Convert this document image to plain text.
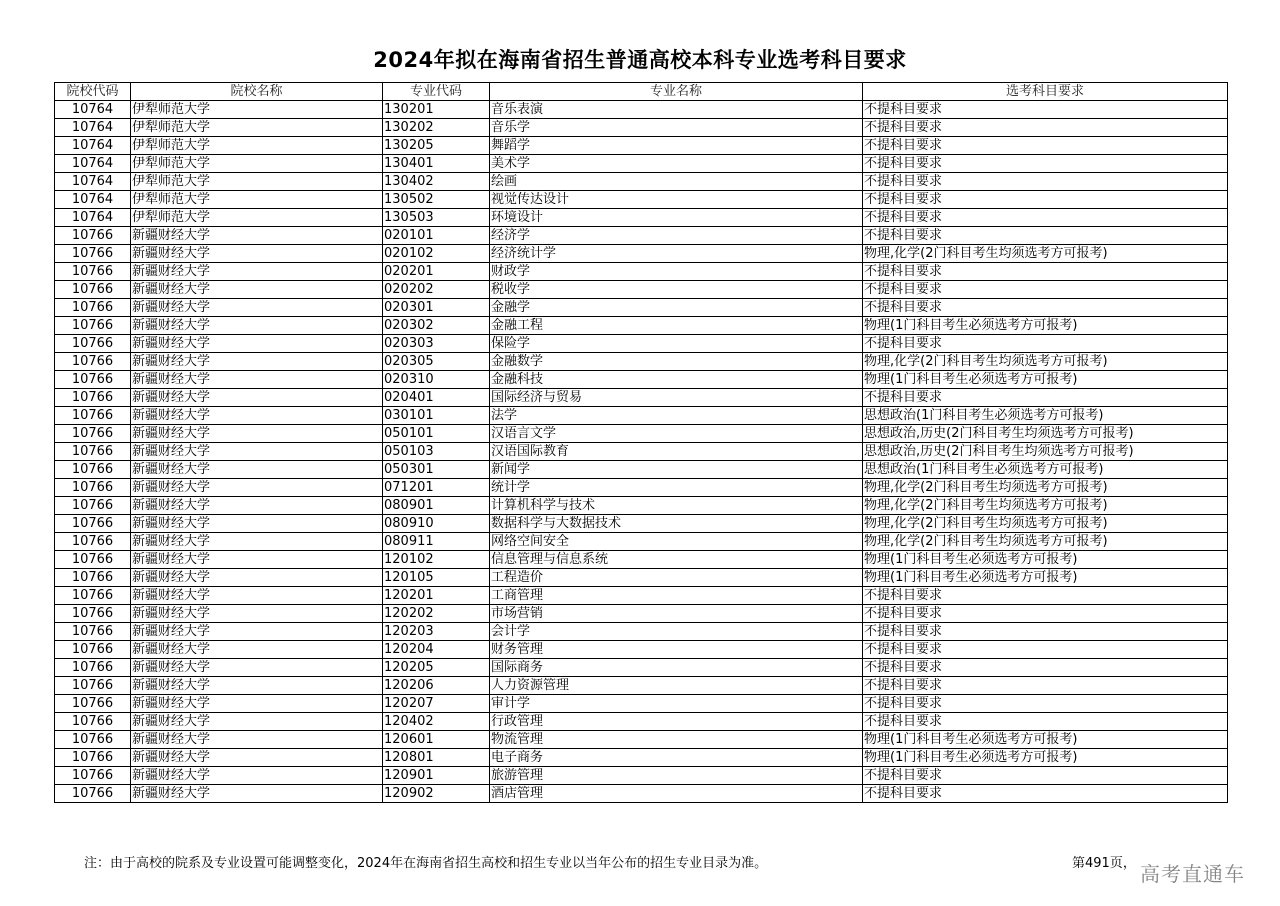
2024年拟在海南省招生普通高校本科专业选考科目要求
院校代码	院校名称	专业代码	专业名称	选考科目要求
10764	伊犁师范大学	130201	音乐表演	不提科目要求
10764	伊犁师范大学	130202	音乐学	不提科目要求
10764	伊犁师范大学	130205	舞蹈学	不提科目要求
10764	伊犁师范大学	130401	美术学	不提科目要求
10764	伊犁师范大学	130402	绘画	不提科目要求
10764	伊犁师范大学	130502	视觉传达设计	不提科目要求
10764	伊犁师范大学	130503	环境设计	不提科目要求
10766	新疆财经大学	020101	经济学	不提科目要求
10766	新疆财经大学	020102	经济统计学	物理,化学(2门科目考生均须选考方可报考)
10766	新疆财经大学	020201	财政学	不提科目要求
10766	新疆财经大学	020202	税收学	不提科目要求
10766	新疆财经大学	020301	金融学	不提科目要求
10766	新疆财经大学	020302	金融工程	物理(1门科目考生必须选考方可报考)
10766	新疆财经大学	020303	保险学	不提科目要求
10766	新疆财经大学	020305	金融数学	物理,化学(2门科目考生均须选考方可报考)
10766	新疆财经大学	020310	金融科技	物理(1门科目考生必须选考方可报考)
10766	新疆财经大学	020401	国际经济与贸易	不提科目要求
10766	新疆财经大学	030101	法学	思想政治(1门科目考生必须选考方可报考)
10766	新疆财经大学	050101	汉语言文学	思想政治,历史(2门科目考生均须选考方可报考)
10766	新疆财经大学	050103	汉语国际教育	思想政治,历史(2门科目考生均须选考方可报考)
10766	新疆财经大学	050301	新闻学	思想政治(1门科目考生必须选考方可报考)
10766	新疆财经大学	071201	统计学	物理,化学(2门科目考生均须选考方可报考)
10766	新疆财经大学	080901	计算机科学与技术	物理,化学(2门科目考生均须选考方可报考)
10766	新疆财经大学	080910	数据科学与大数据技术	物理,化学(2门科目考生均须选考方可报考)
10766	新疆财经大学	080911	网络空间安全	物理,化学(2门科目考生均须选考方可报考)
10766	新疆财经大学	120102	信息管理与信息系统	物理(1门科目考生必须选考方可报考)
10766	新疆财经大学	120105	工程造价	物理(1门科目考生必须选考方可报考)
10766	新疆财经大学	120201	工商管理	不提科目要求
10766	新疆财经大学	120202	市场营销	不提科目要求
10766	新疆财经大学	120203	会计学	不提科目要求
10766	新疆财经大学	120204	财务管理	不提科目要求
10766	新疆财经大学	120205	国际商务	不提科目要求
10766	新疆财经大学	120206	人力资源管理	不提科目要求
10766	新疆财经大学	120207	审计学	不提科目要求
10766	新疆财经大学	120402	行政管理	不提科目要求
10766	新疆财经大学	120601	物流管理	物理(1门科目考生必须选考方可报考)
10766	新疆财经大学	120801	电子商务	物理(1门科目考生必须选考方可报考)
10766	新疆财经大学	120901	旅游管理	不提科目要求
10766	新疆财经大学	120902	酒店管理	不提科目要求
注：由于高校的院系及专业设置可能调整变化，2024年在海南省招生高校和招生专业以当年公布的招生专业目录为准。	第491页， 高考直通车
